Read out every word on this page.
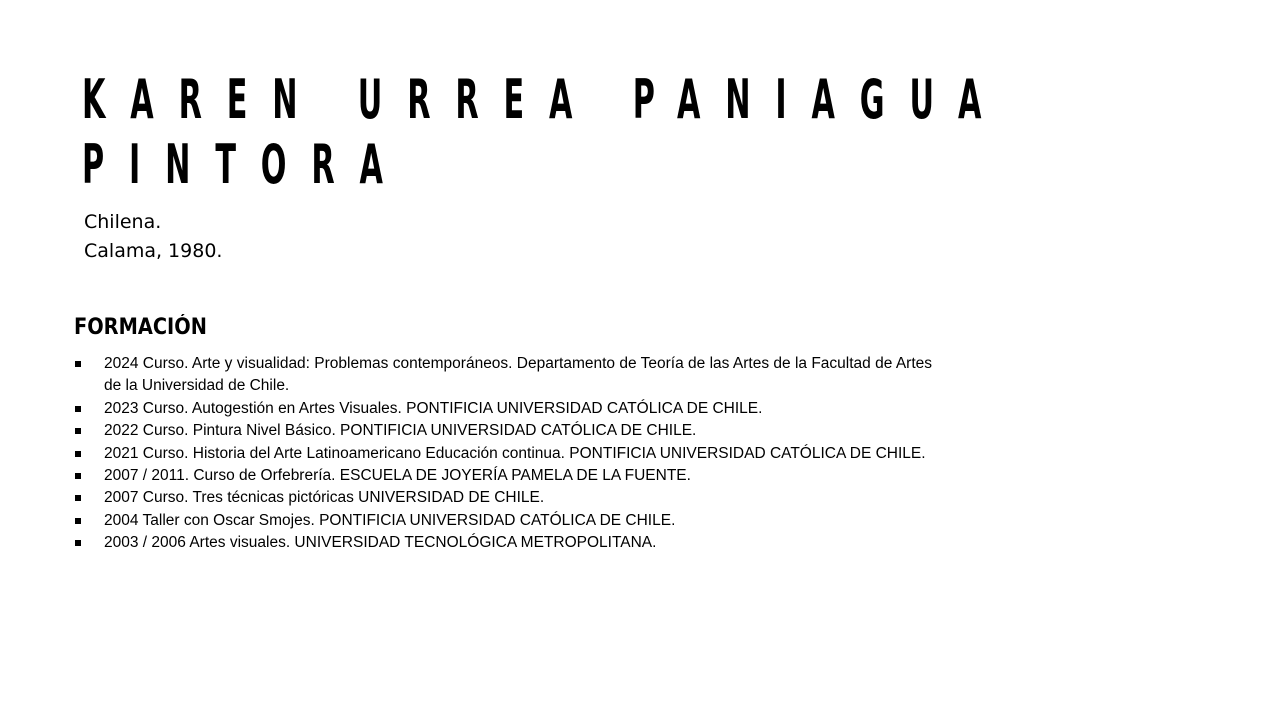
KAREN URREA PANIAGUA
PINTORA
Chilena.
Calama, 1980.
FORMACIÓN
2024 Curso. Arte y visualidad: Problemas contemporáneos. Departamento de Teoría de las Artes de la Facultad de Artes de la Universidad de Chile.
2023 Curso. Autogestión en Artes Visuales. PONTIFICIA UNIVERSIDAD CATÓLICA DE CHILE.
2022 Curso. Pintura Nivel Básico. PONTIFICIA UNIVERSIDAD CATÓLICA DE CHILE.
2021 Curso. Historia del Arte Latinoamericano Educación continua. PONTIFICIA UNIVERSIDAD CATÓLICA DE CHILE.
2007 / 2011. Curso de Orfebrería. ESCUELA DE JOYERÍA PAMELA DE LA FUENTE.
2007 Curso. Tres técnicas pictóricas UNIVERSIDAD DE CHILE.
2004 Taller con Oscar Smojes. PONTIFICIA UNIVERSIDAD CATÓLICA DE CHILE.
2003 / 2006 Artes visuales. UNIVERSIDAD TECNOLÓGICA METROPOLITANA.
